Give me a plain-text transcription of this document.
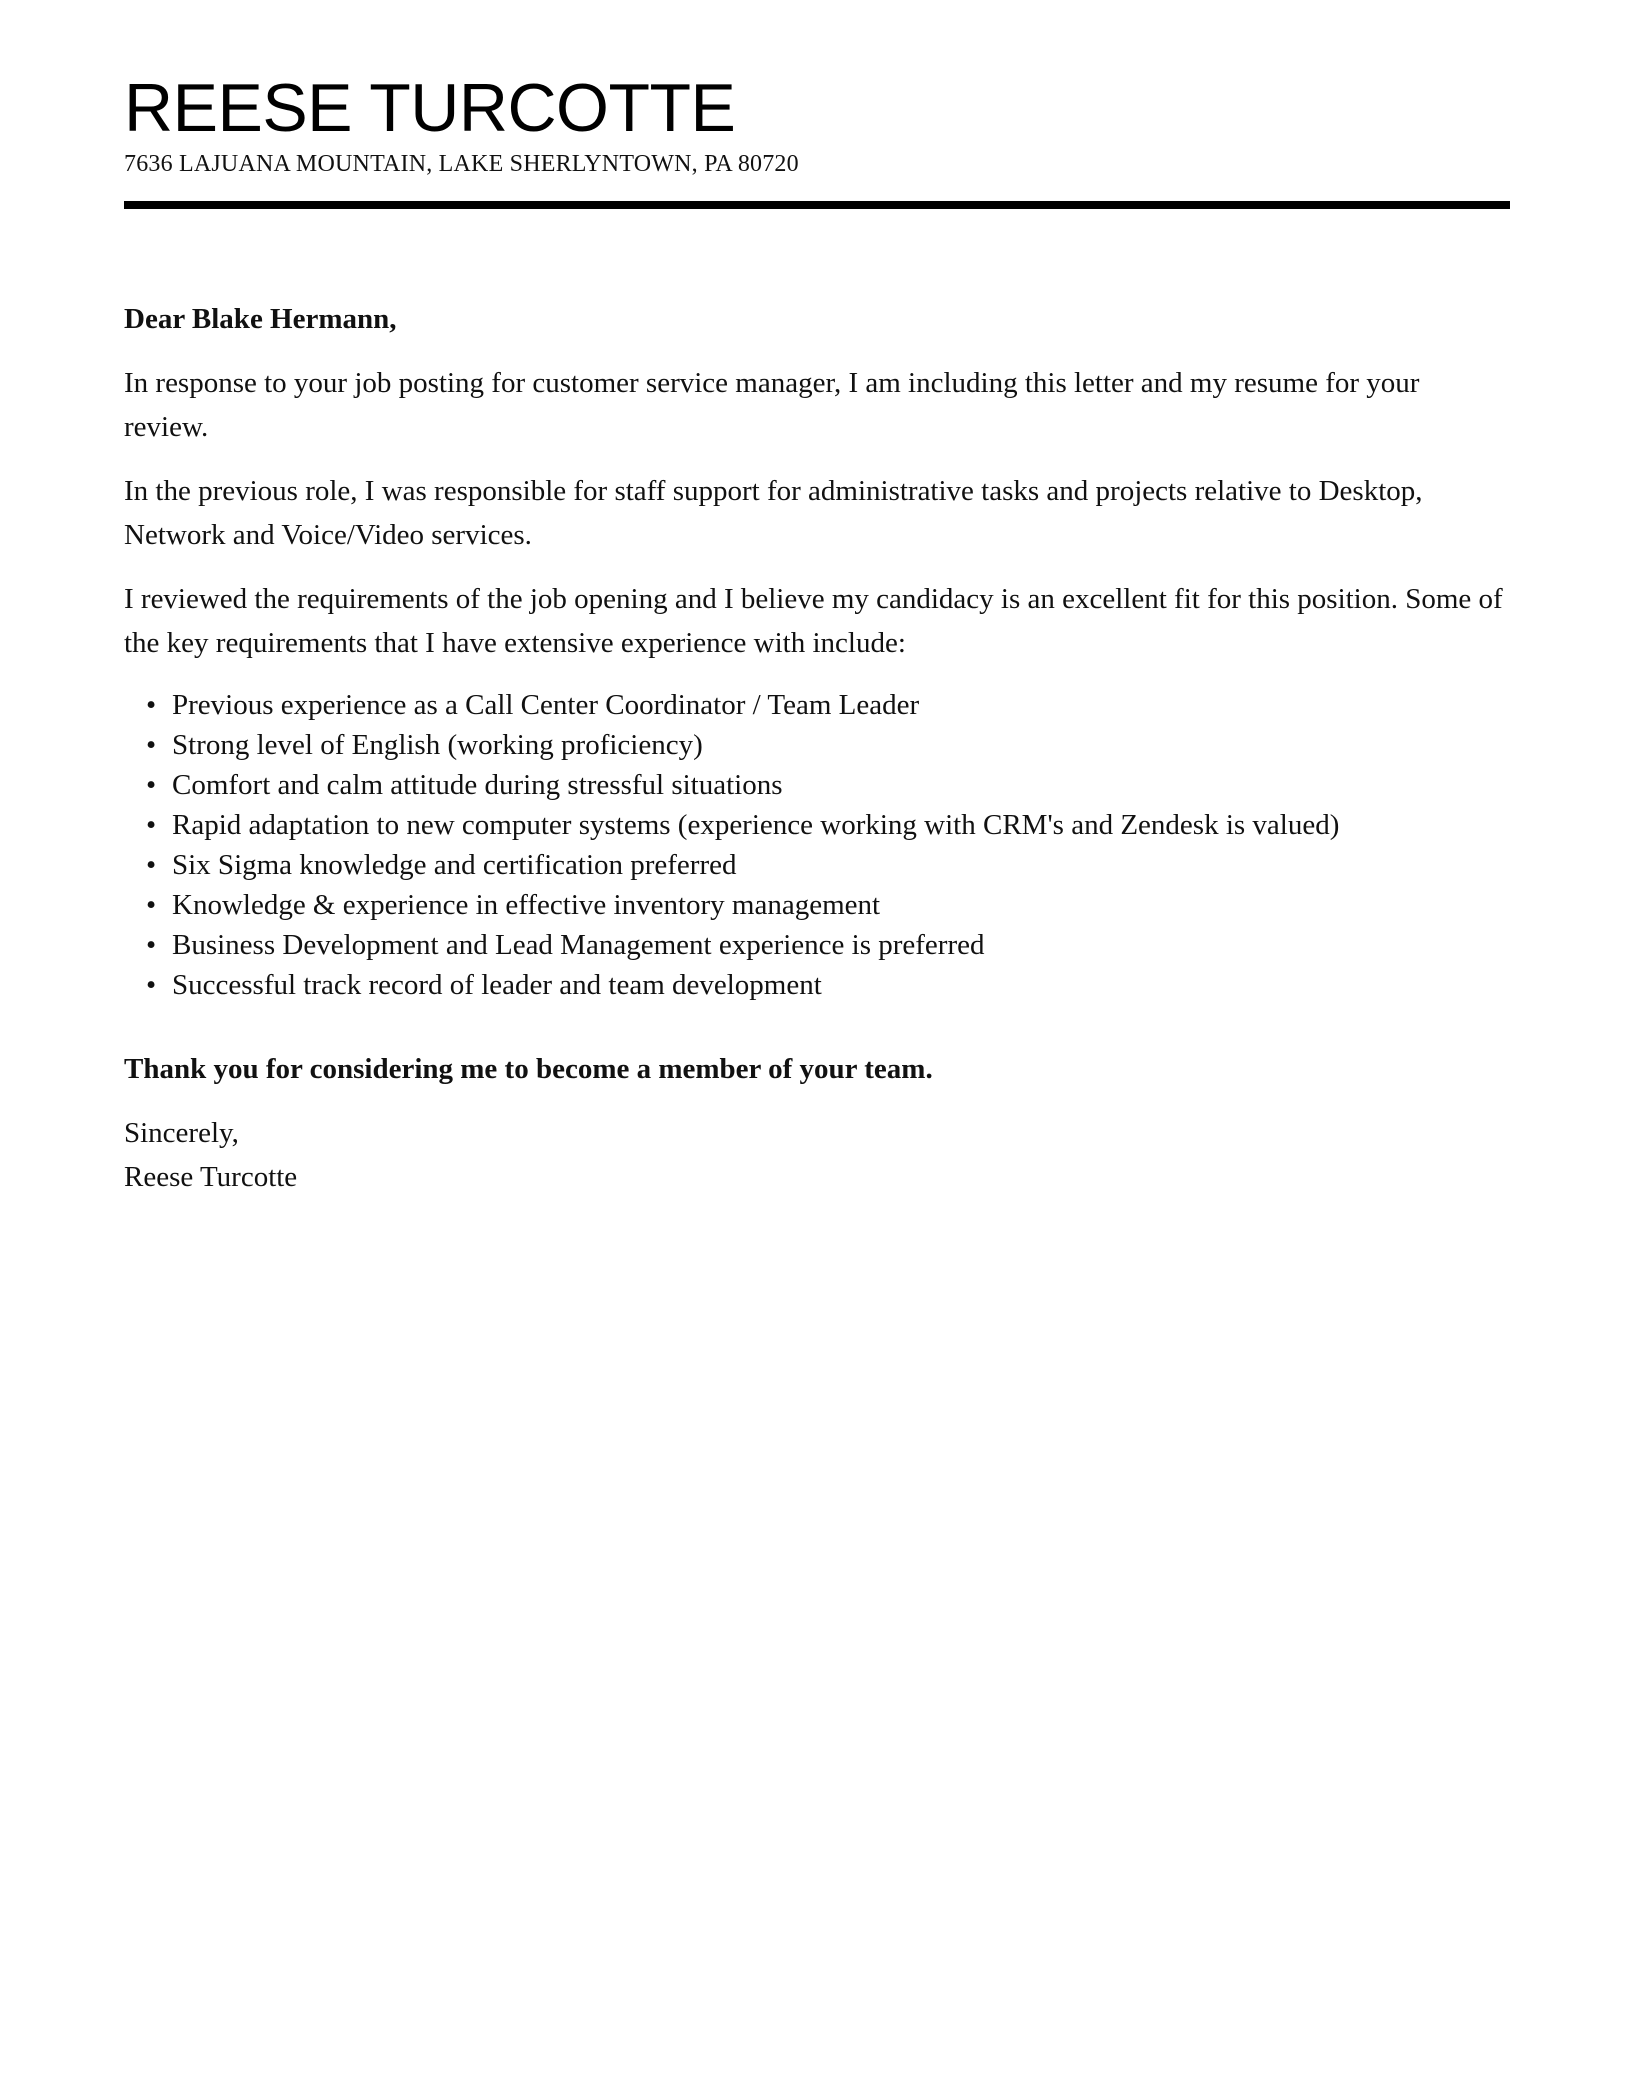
REESE TURCOTTE
7636 LAJUANA MOUNTAIN, LAKE SHERLYNTOWN, PA 80720
Dear Blake Hermann,

In response to your job posting for customer service manager, I am including this letter and my resume for your review.

In the previous role, I was responsible for staff support for administrative tasks and projects relative to Desktop, Network and Voice/Video services.

I reviewed the requirements of the job opening and I believe my candidacy is an excellent fit for this position. Some of the key requirements that I have extensive experience with include:

• Previous experience as a Call Center Coordinator / Team Leader
• Strong level of English (working proficiency)
• Comfort and calm attitude during stressful situations
• Rapid adaptation to new computer systems (experience working with CRM's and Zendesk is valued)
• Six Sigma knowledge and certification preferred
• Knowledge & experience in effective inventory management
• Business Development and Lead Management experience is preferred
• Successful track record of leader and team development
Thank you for considering me to become a member of your team.
Sincerely,
Reese Turcotte
